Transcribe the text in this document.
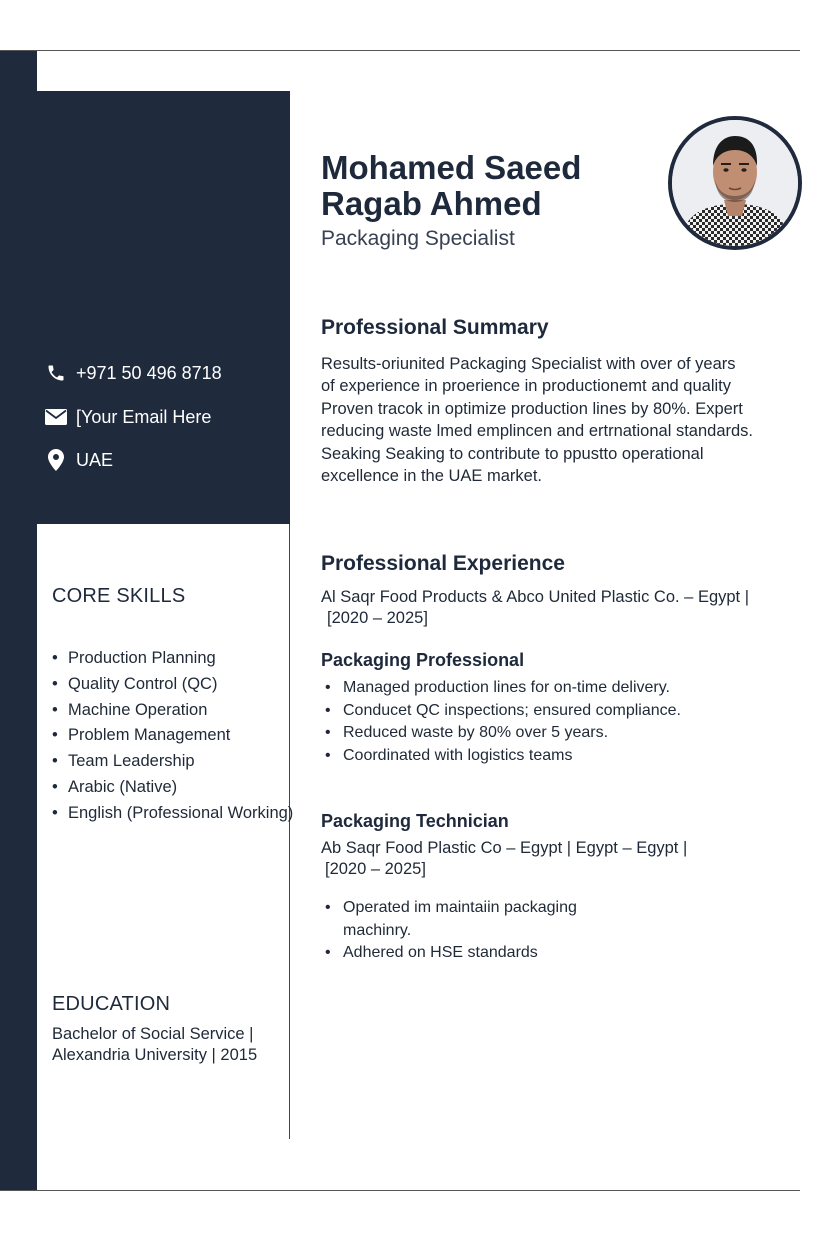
+971 50 496 8718
[Your Email Here
UAE
CORE SKILLS
• Production Planning
• Quality Control (QC)
• Machine Operation
• Problem Management
• Team Leadership
• Arabic (Native)
• English (Professional Working)
EDUCATION
Bachelor of Social Service |
Alexandria University | 2015
Mohamed Saeed
Ragab Ahmed
Packaging Specialist
Professional Summary

Results-oriunited Packaging Specialist with over of years
of experience in proerience in productionemt and quality
Proven tracok in optimize production lines by 80%. Expert
reducing waste lmed emplincen and ertrnational standards.
Seaking Seaking to contribute to ppustto operational
excellence in the UAE market.

Professional Experience
Al Saqr Food Products & Abco United Plastic Co. – Egypt |
[2020 – 2025]
Packaging Professional
• Managed production lines for on-time delivery.
• Conducet QC inspections; ensured compliance.
• Reduced waste by 80% over 5 years.
• Coordinated with logistics teams
Packaging Technician
Ab Saqr Food Plastic Co – Egypt | Egypt – Egypt |
[2020 – 2025]
• Operated im maintaiin packaging
machinry.
• Adhered on HSE standards
